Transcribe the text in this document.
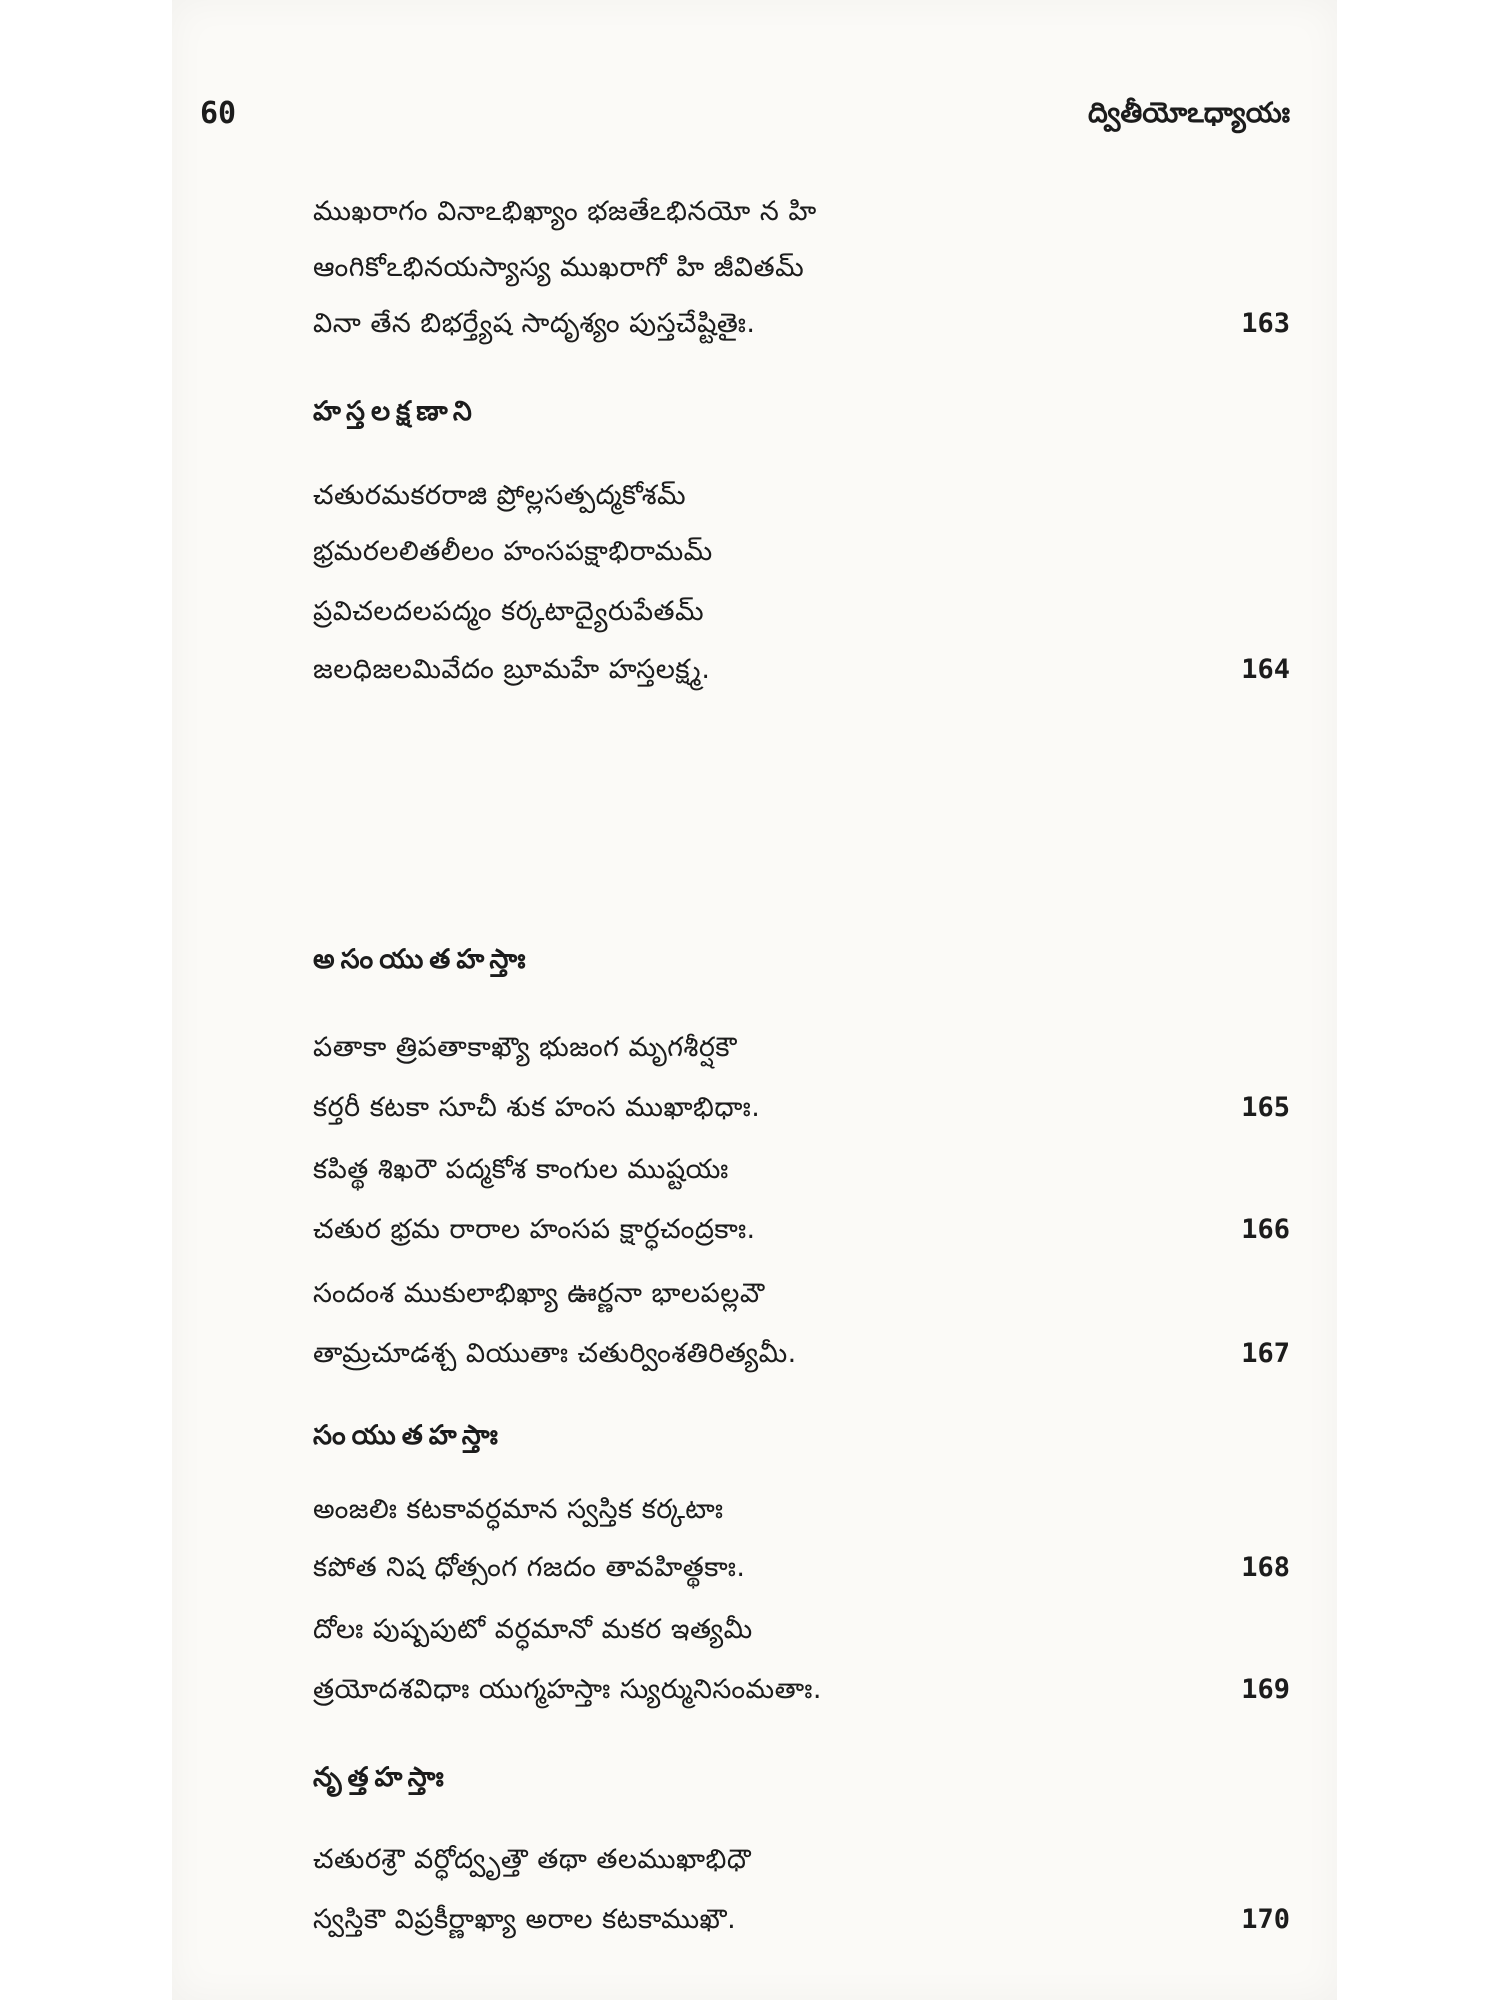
60	ద్వితీయోఽధ్యాయః
ముఖరాగం వినాఽభిఖ్యాం భజతేఽభినయో న హి
ఆంగికోఽభినయస్యాస్య ముఖరాగో హి జీవితమ్
వినా తేన బిభర్త్యేష సాదృశ్యం పుస్తచేష్టితైః.	163
హస్తలక్షణాని
చతురమకరరాజి ప్రోల్లసత్పద్మకోశమ్
భ్రమరలలితలీలం హంసపక్షాభిరామమ్
ప్రవిచలదలపద్మం కర్కటాద్యైరుపేతమ్
జలధిజలమివేదం బ్రూమహే హస్తలక్ష్మ.	164
అసంయుతహస్తాః
పతాకా త్రిపతాకాఖ్యౌ భుజంగ మృగశీర్షకౌ
కర్తరీ కటకా సూచీ శుక హంస ముఖాభిధాః.	165
కపిత్థ శిఖరౌ పద్మకోశ కాంగుల ముష్టయః
చతుర భ్రమ రారాల హంసప క్షార్ధచంద్రకాః.	166
సందంశ ముకులాభిఖ్యా ఊర్ణనా భాలపల్లవౌ
తామ్రచూడశ్చ వియుతాః చతుర్వింశతిరిత్యమీ.	167
సంయుతహస్తాః
అంజలిః కటకావర్ధమాన స్వస్తిక కర్కటాః
కపోత నిష ధోత్సంగ గజదం తావహిత్థకాః.	168
దోలః పుష్పపుటో వర్ధమానో మకర ఇత్యమీ
త్రయోదశవిధాః యుగ్మహస్తాః స్యుర్మునిసంమతాః.	169
నృత్తహస్తాః
చతురశ్రౌ వర్ధోద్వృత్తౌ తథా తలముఖాభిధౌ
స్వస్తికౌ విప్రకీర్ణాఖ్యా అరాల కటకాముఖౌ.	170
